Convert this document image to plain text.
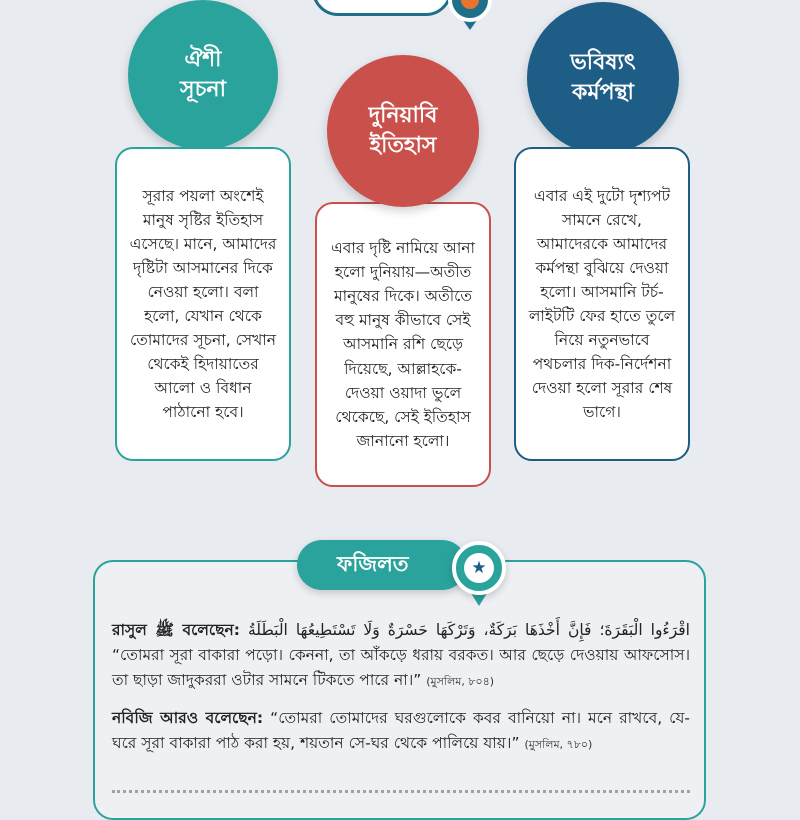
ঐশী
সূচনা
ভবিষ্যৎ
কর্মপন্থা
সূরার পয়লা অংশেই মানুষ সৃষ্টির ইতিহাস এসেছে। মানে, আমাদের দৃষ্টিটা আসমানের দিকে নেওয়া হলো। বলা হলো, যেখান থেকে তোমাদের সূচনা, সেখান থেকেই হিদায়াতের আলো ও বিধান পাঠানো হবে।
এবার দৃষ্টি নামিয়ে আনা হলো দুনিয়ায়—অতীত মানুষের দিকে। অতীতে বহু মানুষ কীভাবে সেই আসমানি রশি ছেড়ে দিয়েছে, আল্লাহকে-দেওয়া ওয়াদা ভুলে থেকেছে, সেই ইতিহাস জানানো হলো।
এবার এই দুটো দৃশ্যপট সামনে রেখে, আমাদেরকে আমাদের কর্মপন্থা বুঝিয়ে দেওয়া হলো। আসমানি টর্চ-লাইটটি ফের হাতে তুলে নিয়ে নতুনভাবে পথচলার দিক-নির্দেশনা দেওয়া হলো সূরার শেষ ভাগে।
দুনিয়াবি
ইতিহাস
ফজিলত	★
রাসুল ﷺ বলেছেন: اقْرَءُوا الْبَقَرَةَ؛ فَإِنَّ أَخْذَهَا بَرَكَةٌ، وَتَرْكَهَا حَسْرَةٌ وَلَا تَسْتَطِيعُهَا الْبَطَلَةُ “তোমরা সূরা বাকারা পড়ো। কেননা, তা আঁকড়ে ধরায় বরকত। আর ছেড়ে দেওয়ায় আফসোস। তা ছাড়া জাদুকররা ওটার সামনে টিকতে পারে না।” (মুসলিম, ৮০৪)
নবিজি আরও বলেছেন: “তোমরা তোমাদের ঘরগুলোকে কবর বানিয়ো না। মনে রাখবে, যে-ঘরে সূরা বাকারা পাঠ করা হয়, শয়তান সে-ঘর থেকে পালিয়ে যায়।” (মুসলিম, ৭৮০)
